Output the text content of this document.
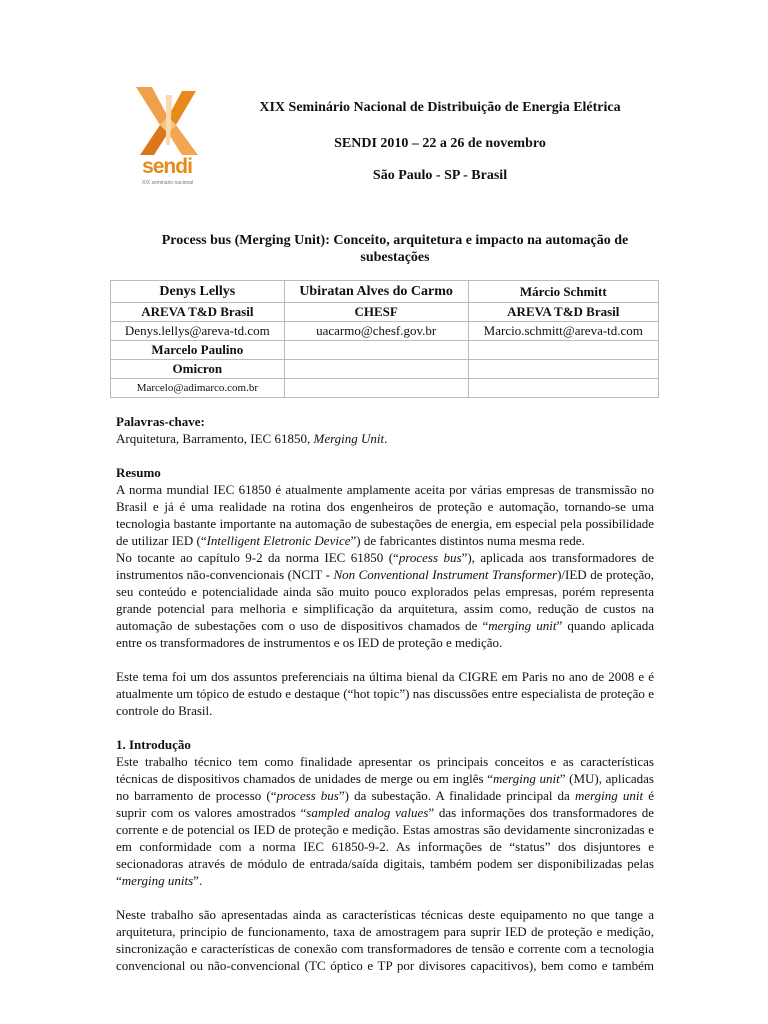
sendi
XIX seminário nacional
XIX Seminário Nacional de Distribuição de Energia Elétrica
SENDI 2010 – 22 a 26 de novembro
São Paulo - SP - Brasil
Process bus (Merging Unit): Conceito, arquitetura e impacto na automação de
subestações
Denys Lellys	Ubiratan Alves do Carmo	Márcio Schmitt
AREVA T&D Brasil	CHESF	AREVA T&D Brasil
Denys.lellys@areva-td.com	uacarmo@chesf.gov.br	Marcio.schmitt@areva-td.com
Marcelo Paulino		
Omicron		
Marcelo@adimarco.com.br		

Palavras-chave:

Arquitetura, Barramento, IEC 61850, Merging Unit.

Resumo

A norma mundial IEC 61850 é atualmente amplamente aceita por várias empresas de transmissão no Brasil e já é uma realidade na rotina dos engenheiros de proteção e automação, tornando-se uma tecnologia bastante importante na automação de subestações de energia, em especial pela possibilidade de utilizar IED (“Intelligent Eletronic Device”) de fabricantes distintos numa mesma rede.

No tocante ao capítulo 9-2 da norma IEC 61850 (“process bus”), aplicada aos transformadores de instrumentos não-convencionais (NCIT - Non Conventional Instrument Transformer)/IED de proteção, seu conteúdo e potencialidade ainda são muito pouco explorados pelas empresas, porém representa grande potencial para melhoria e simplificação da arquitetura, assim como, redução de custos na automação de subestações com o uso de dispositivos chamados de “merging unit” quando aplicada entre os transformadores de instrumentos e os IED de proteção e medição.

Este tema foi um dos assuntos preferenciais na última bienal da CIGRE em Paris no ano de 2008 e é atualmente um tópico de estudo e destaque (“hot topic”) nas discussões entre especialista de proteção e controle do Brasil.

1. Introdução

Este trabalho técnico tem como finalidade apresentar os principais conceitos e as características técnicas de dispositivos chamados de unidades de merge ou em inglês “merging unit” (MU), aplicadas no barramento de processo (“process bus”) da subestação. A finalidade principal da merging unit é suprir com os valores amostrados “sampled analog values” das informações dos transformadores de corrente e de potencial os IED de proteção e medição. Estas amostras são devidamente sincronizadas e em conformidade com a norma IEC 61850-9-2. As informações de “status” dos disjuntores e secionadoras através de módulo de entrada/saída digitais, também podem ser disponibilizadas pelas “merging units”.

Neste trabalho são apresentadas ainda as características técnicas deste equipamento no que tange a arquitetura, principio de funcionamento, taxa de amostragem para suprir IED de proteção e medição, sincronização e características de conexão com transformadores de tensão e corrente com a tecnologia convencional ou não-convencional (TC óptico e TP por divisores capacitivos), bem como e também
